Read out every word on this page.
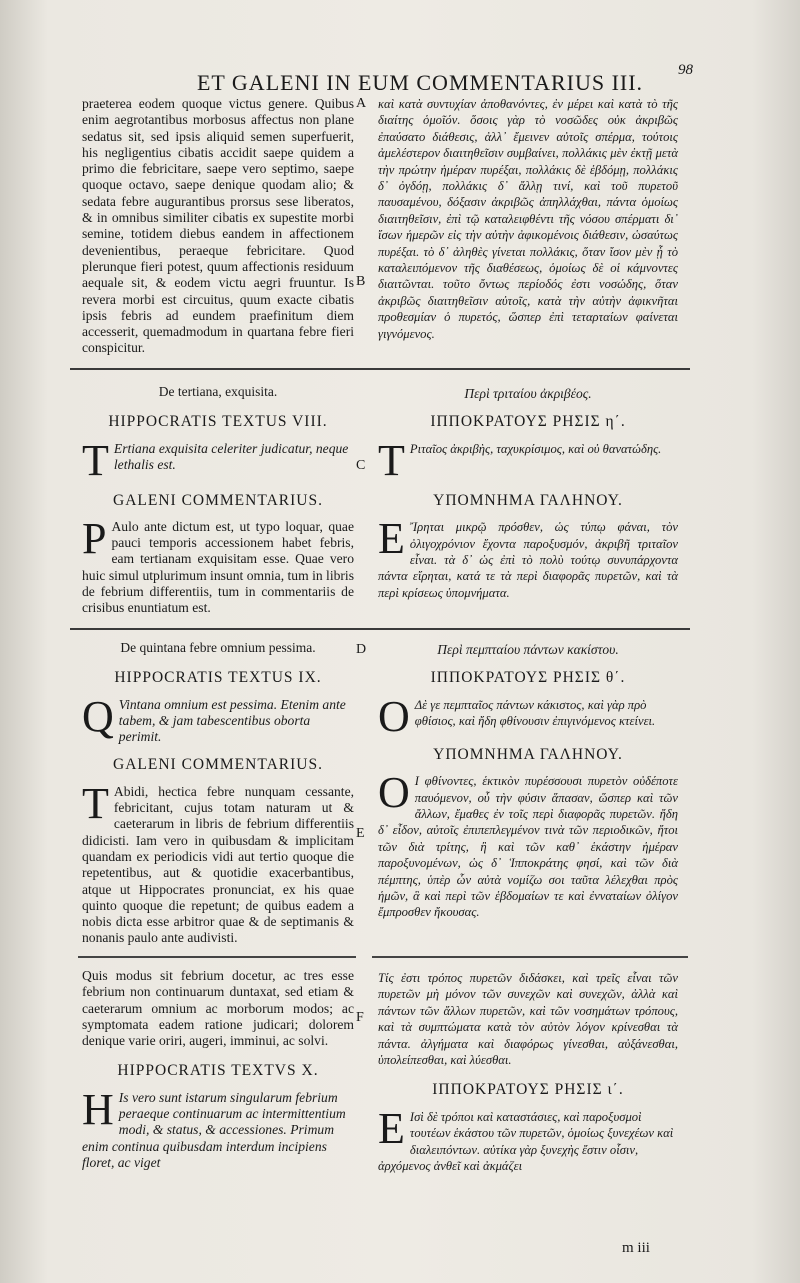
ET GALENI IN EUM COMMENTARIUS III.	98

praeterea eodem quoque victus genere. Quibus enim aegrotantibus morbosus affectus non plane sedatus sit, sed ipsis aliquid semen superfuerit, his negligentius cibatis accidit saepe quidem a primo die febricitare, saepe vero septimo, saepe quoque octavo, saepe denique quodam alio; & sedata febre augurantibus prorsus sese liberatos, & in omnibus similiter cibatis ex supestite morbi semine, totidem diebus eandem in affectionem devenientibus, peraeque febricitare. Quod plerunque fieri potest, quum affectionis residuum aequale sit, & eodem victu aegri fruuntur. Is revera morbi est circuitus, quum exacte cibatis ipsis febris ad eundem praefinitum diem accesserit, quemadmodum in quartana febre fieri conspicitur.

De tertiana, exquisita.
HIPPOCRATIS TEXTUS VIII.
T Ertiana exquisita celeriter judicatur, neque lethalis est.
GALENI COMMENTARIUS.
P Aulo ante dictum est, ut typo loquar, quae pauci temporis accessionem habet febris, eam tertianam exquisitam esse. Quae vero huic simul utplurimum insunt omnia, tum in libris de febrium differentiis, tum in commentariis de crisibus enuntiatum est.
De quintana febre omnium pessima.
HIPPOCRATIS TEXTUS IX.
Q Vintana omnium est pessima. Etenim ante tabem, & jam tabescentibus oborta perimit.
GALENI COMMENTARIUS.
T Abidi, hectica febre nunquam cessante, febricitant, cujus totam naturam ut & caeterarum in libris de febrium differentiis didicisti. Iam vero in quibusdam & implicitam quandam ex periodicis vidi aut tertio quoque die repetentibus, aut & quotidie exacerbantibus, atque ut Hippocrates pronunciat, ex his quae quinto quoque die repetunt; de quibus eadem a nobis dicta esse arbitror quae & de septimanis & nonanis paulo ante audivisti.
Quis modus sit febrium docetur, ac tres esse febrium non continuarum duntaxat, sed etiam & caeterarum omnium ac morborum modos; ac symptomata eadem ratione judicari; dolorem denique varie oriri, augeri, imminui, ac solvi.
HIPPOCRATIS TEXTVS X.
H Is vero sunt istarum singularum febrium peraeque continuarum ac intermittentium modi, & status, & accessiones. Primum enim continua quibusdam interdum incipiens floret, ac viget

καὶ κατὰ συντυχίαν ἀποθανόντες, ἐν μέρει καὶ κατὰ τὸ τῆς διαίτης ὁμοῖόν. ὅσοις γὰρ τὸ νοσῶδες οὐκ ἀκριβῶς ἐπαύσατο διάθεσις, ἀλλ᾽ ἔμεινεν αὐτοῖς σπέρμα, τούτοις ἀμελέστερον διαιτηθεῖσιν συμβαίνει, πολλάκις μὲν ἐκτῇ μετὰ τὴν πρώτην ἡμέραν πυρέξαι, πολλάκις δὲ ἑβδόμῃ, πολλάκις δ᾽ ὀγδόῃ, πολλάκις δ᾽ ἄλλῃ τινί, καὶ τοῦ πυρετοῦ παυσαμένου, δόξασιν ἀκριβῶς ἀπηλλάχθαι, πάντα ὁμοίως διαιτηθεῖσιν, ἐπὶ τῷ καταλειφθέντι τῆς νόσου σπέρματι δι᾽ ἴσων ἡμερῶν εἰς τὴν αὐτὴν ἀφικομένοις διάθεσιν, ὡσαύτως πυρέξαι. τὸ δ᾽ ἀληθὲς γίνεται πολλάκις, ὅταν ἴσον μὲν ᾖ τὸ καταλειπόμενον τῆς διαθέσεως, ὁμοίως δὲ οἱ κάμνοντες διαιτῶνται. τοῦτο ὄντως περίοδός ἐστι νοσώδης, ὅταν ἀκριβῶς διαιτηθεῖσιν αὐτοῖς, κατὰ τὴν αὐτὴν ἀφικνῆται προθεσμίαν ὁ πυρετός, ὥσπερ ἐπὶ τεταρταίων φαίνεται γιγνόμενος.

Περὶ τριταίου ἀκριβέος.
ΙΠΠΟΚΡΑΤΟΥΣ ΡΗΣΙΣ η΄.
Τ Ριταῖος ἀκριβὴς, ταχυκρίσιμος, καὶ οὐ θανατώδης.
ΥΠΟΜΝΗΜΑ ΓΑΛΗΝΟΥ.
Ε Ἴρηται μικρῷ πρόσθεν, ὡς τύπῳ φάναι, τὸν ὀλιγοχρόνιον ἔχοντα παροξυσμόν, ἀκριβῆ τριταῖον εἶναι. τὰ δ᾽ ὡς ἐπὶ τὸ πολὺ τούτῳ συνυπάρχοντα πάντα εἴρηται, κατά τε τὰ περὶ διαφορᾶς πυρετῶν, καὶ τὰ περὶ κρίσεως ὑπομνήματα.
Περὶ πεμπταίου πάντων κακίστου.
ΙΠΠΟΚΡΑΤΟΥΣ ΡΗΣΙΣ θ΄.
Ο Δὲ γε πεμπταῖος πάντων κάκιστος, καὶ γὰρ πρὸ φθίσιος, καὶ ἤδη φθίνουσιν ἐπιγινόμενος κτείνει.
ΥΠΟΜΝΗΜΑ ΓΑΛΗΝΟΥ.
Ο Ι φθίνοντες, ἑκτικὸν πυρέσσουσι πυρετὸν οὐδέποτε παυόμενον, οὗ τὴν φύσιν ἅπασαν, ὥσπερ καὶ τῶν ἄλλων, ἔμαθες ἐν τοῖς περὶ διαφορᾶς πυρετῶν. ἤδη δ᾽ εἶδον, αὐτοῖς ἐπιπεπλεγμένον τινὰ τῶν περιοδικῶν, ἤτοι τῶν διὰ τρίτης, ἢ καὶ τῶν καθ᾽ ἑκάστην ἡμέραν παροξυνομένων, ὡς δ᾽ Ἱπποκράτης φησί, καὶ τῶν διὰ πέμπτης, ὑπὲρ ὧν αὐτὰ νομίζω σοι ταῦτα λέλεχθαι πρὸς ἡμῶν, ἃ καὶ περὶ τῶν ἑβδομαίων τε καὶ ἐνναταίων ὀλίγον ἔμπροσθεν ἤκουσας.
Τίς ἐστι τρόπος πυρετῶν διδάσκει, καὶ τρεῖς εἶναι τῶν πυρετῶν μὴ μόνον τῶν συνεχῶν καὶ συνεχῶν, ἀλλὰ καὶ πάντων τῶν ἄλλων πυρετῶν, καὶ τῶν νοσημάτων τρόπους, καὶ τὰ συμπτώματα κατὰ τὸν αὐτὸν λόγον κρίνεσθαι τὰ πάντα. ἀλγήματα καὶ διαφόρως γίνεσθαι, αὐξάνεσθαι, ὑπολείπεσθαι, καὶ λύεσθαι.
ΙΠΠΟΚΡΑΤΟΥΣ ΡΗΣΙΣ ι΄.
Ε Ισὶ δὲ τρόποι καὶ καταστάσιες, καὶ παροξυσμοὶ τουτέων ἑκάστου τῶν πυρετῶν, ὁμοίως ξυνεχέων καὶ διαλειπόντων. αὐτίκα γὰρ ξυνεχὴς ἔστιν οἷσιν, ἀρχόμενος ἀνθεῖ καὶ ἀκμάζει
A
B
C
D
E
F
m iii
